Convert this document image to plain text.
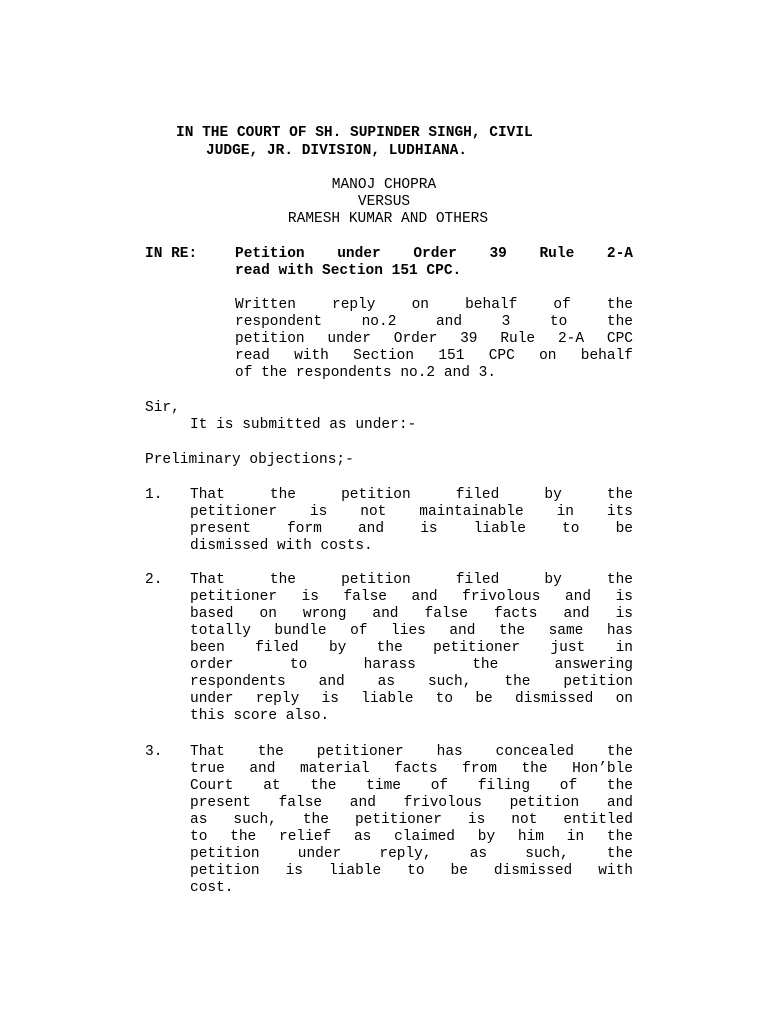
IN THE COURT OF SH. SUPINDER SINGH, CIVIL
JUDGE, JR. DIVISION, LUDHIANA.
MANOJ CHOPRA
VERSUS
RAMESH KUMAR AND OTHERS
IN RE:	Petition under Order 39 Rule 2-A
read with Section 151 CPC.
Written reply on behalf of the
respondent no.2 and 3 to the
petition under Order 39 Rule 2-A CPC
read with Section 151 CPC on behalf
of the respondents no.2 and 3.
Sir,
It is submitted as under:-
Preliminary objections;-
1. That the petition filed by the
petitioner is not maintainable in its
present form and is liable to be
dismissed with costs.
2. That the petition filed by the
petitioner is false and frivolous and is
based on wrong and false facts and is
totally bundle of lies and the same has
been filed by the petitioner just in
order to harass the answering
respondents and as such, the petition
under reply is liable to be dismissed on
this score also.
3. That the petitioner has concealed the
true and material facts from the Hon’ble
Court at the time of filing of the
present false and frivolous petition and
as such, the petitioner is not entitled
to the relief as claimed by him in the
petition under reply, as such, the
petition is liable to be dismissed with
cost.
